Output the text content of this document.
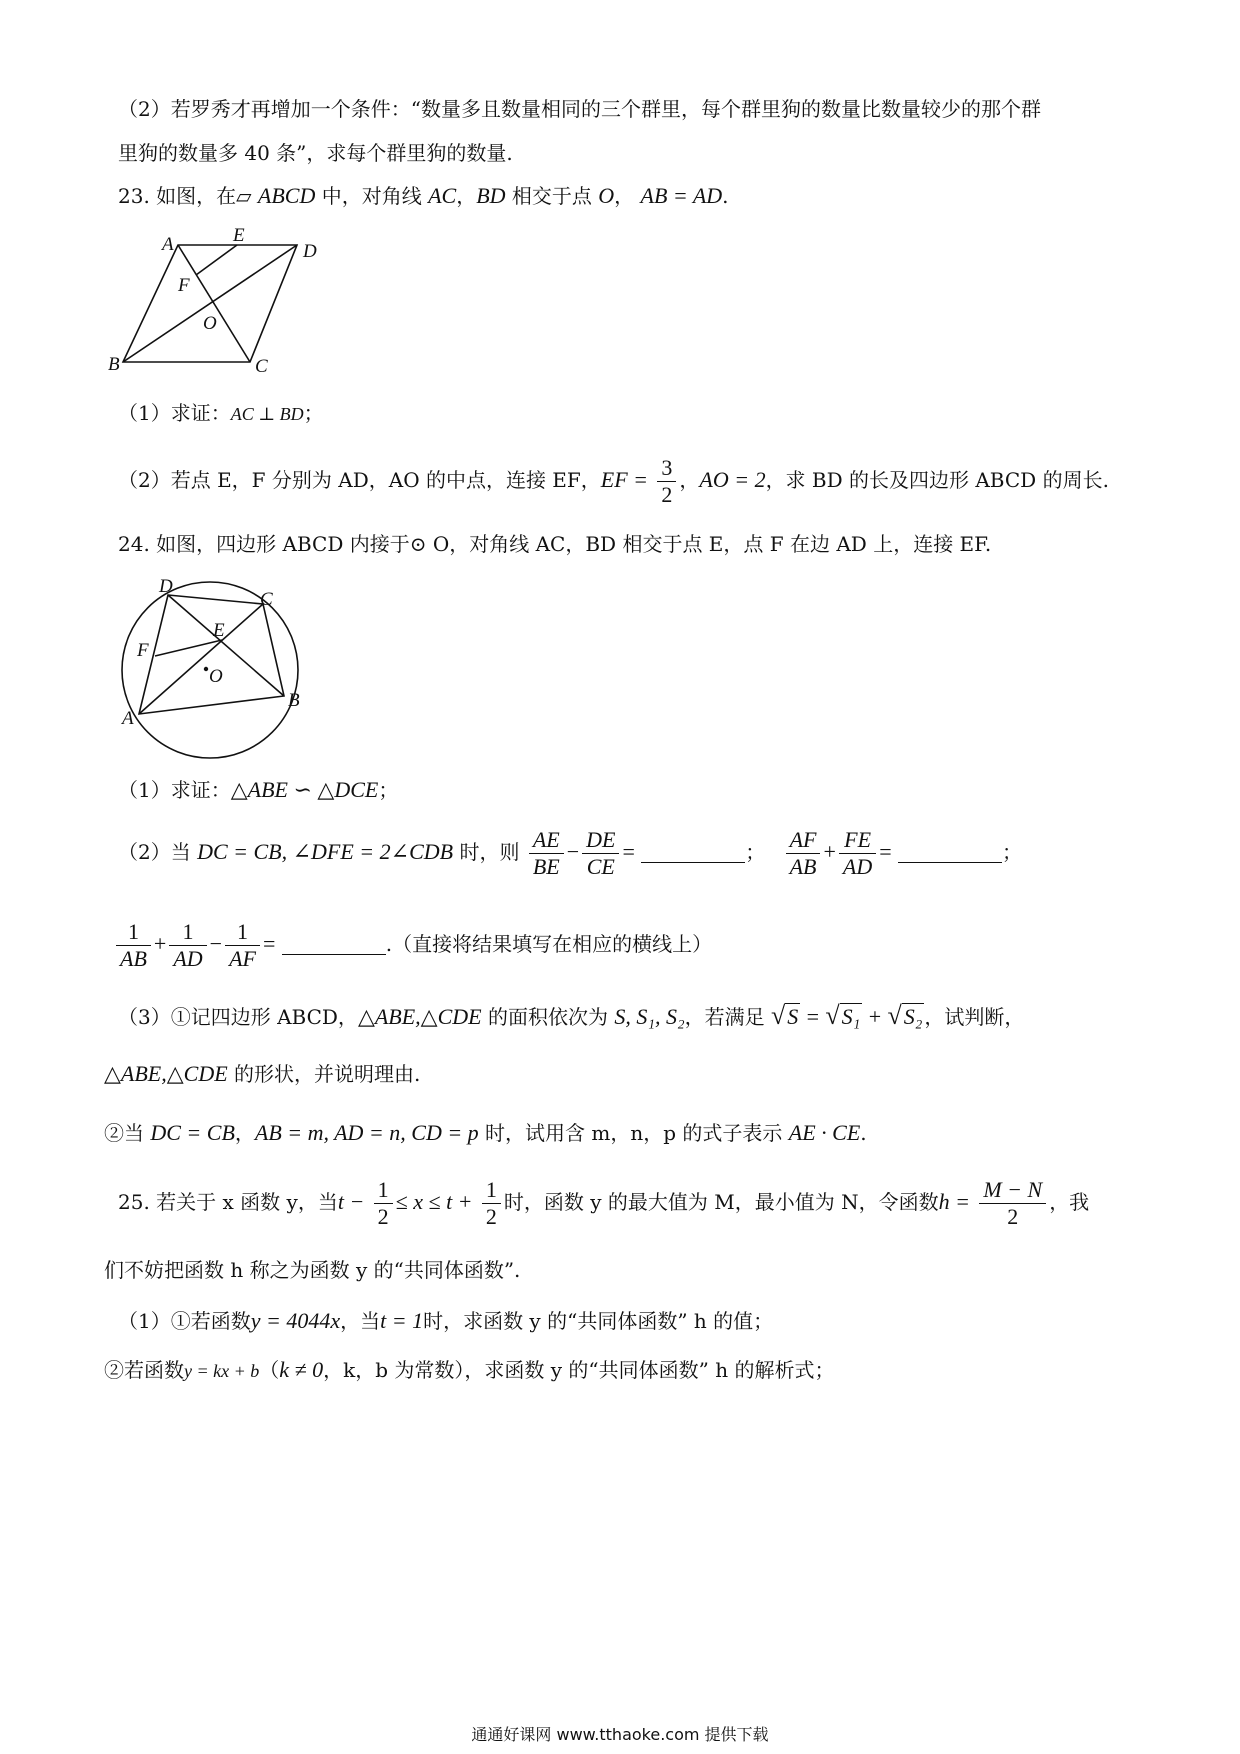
（2）若罗秀才再增加一个条件：“数量多且数量相同的三个群里，每个群里狗的数量比数量较少的那个群
里狗的数量多 40 条”，求每个群里狗的数量.
23. 如图，在▱ ABCD 中，对角线 AC，BD 相交于点 O， AB = AD.
A	E
D
F
O
B	C
（1）求证：AC ⊥ BD；
（2）若点 E，F 分别为 AD，AO 的中点，连接 EF，EF = $\frac{3}{2}$ ，AO = 2，求 BD 的长及四边形 ABCD 的周长.
24. 如图，四边形 ABCD 内接于⊙ O，对角线 AC，BD 相交于点 E，点 F 在边 AD 上，连接 EF.
D
C
E
F
O
A
B
（1）求证：△ABE ∽ △DCE；
（2）当 DC = CB, ∠DFE = 2∠CDB 时，则 $\frac{AE}{BE} - \frac{DE}{CE}$ =	； $\frac{AF}{AB} + \frac{FE}{AD}$ =	；
$\frac{1}{AB} + \frac{1}{AD} - \frac{1}{AF}$ =	.（直接将结果填写在相应的横线上）
（3）①记四边形 ABCD，△ABE,△CDE 的面积依次为 S, S₁, S₂，若满足 √S = √S₁ + √S₂ ，试判断，
△ABE,△CDE 的形状，并说明理由.
②当 DC = CB，AB = m, AD = n, CD = p 时，试用含 m，n，p 的式子表示 AE · CE.
25. 若关于 x 函数 y，当$t - \frac{1}{2} \le x \le t + \frac{1}{2}$ 时，函数 y 的最大值为 M，最小值为 N，令函数$h = \frac{M - N}{2}$ ，我
们不妨把函数 h 称之为函数 y 的“共同体函数”.
（1）①若函数y = 4044x，当t = 1时，求函数 y 的“共同体函数” h 的值；
②若函数y = kx + b（k ≠ 0，k，b 为常数），求函数 y 的“共同体函数” h 的解析式；
通通好课网 www.tthaoke.com 提供下载
